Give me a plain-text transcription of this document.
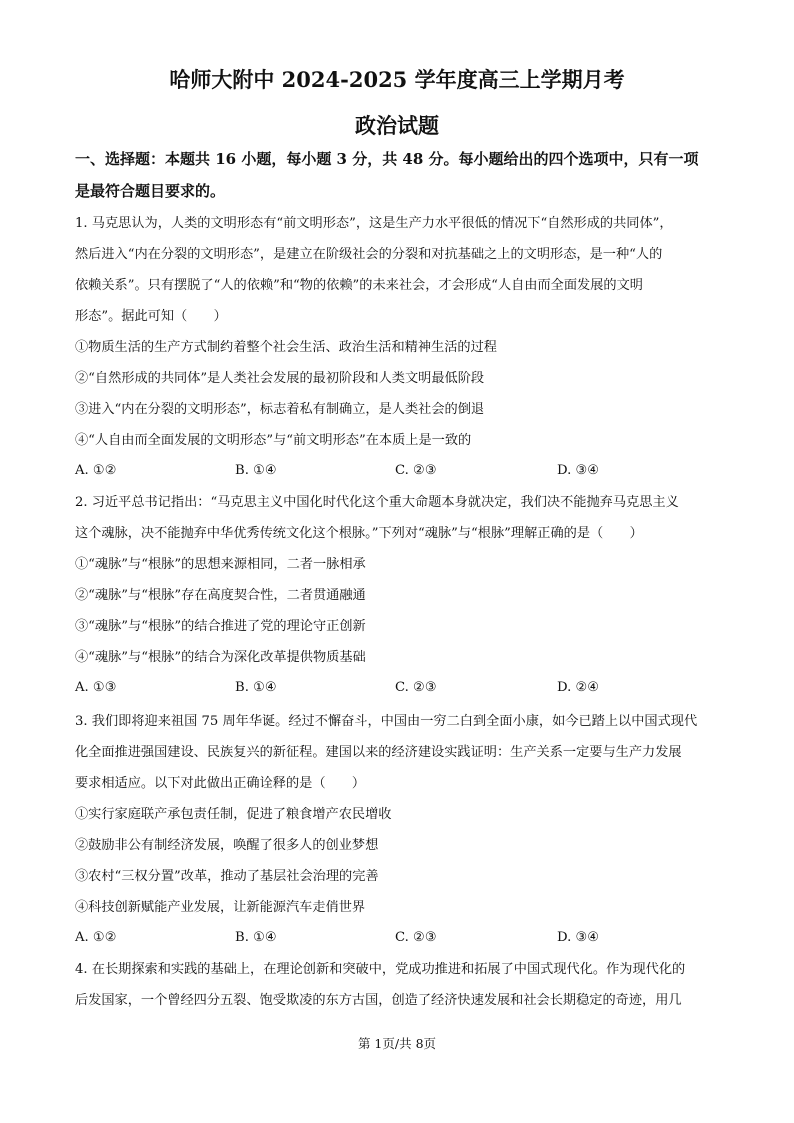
哈师大附中 2024-2025 学年度高三上学期月考
政治试题
一、选择题：本题共 16 小题，每小题 3 分，共 48 分。每小题给出的四个选项中，只有一项
是最符合题目要求的。
1. 马克思认为，人类的文明形态有“前文明形态”，这是生产力水平很低的情况下“自然形成的共同体”，
然后进入“内在分裂的文明形态”，是建立在阶级社会的分裂和对抗基础之上的文明形态，是一种“人的
依赖关系”。只有摆脱了“人的依赖”和“物的依赖”的未来社会，才会形成“人自由而全面发展的文明
形态”。据此可知（　　）
①物质生活的生产方式制约着整个社会生活、政治生活和精神生活的过程
②“自然形成的共同体”是人类社会发展的最初阶段和人类文明最低阶段
③进入“内在分裂的文明形态”，标志着私有制确立，是人类社会的倒退
④“人自由而全面发展的文明形态”与“前文明形态”在本质上是一致的
A. ①②	B. ①④	C. ②③	D. ③④
2. 习近平总书记指出：“马克思主义中国化时代化这个重大命题本身就决定，我们决不能抛弃马克思主义
这个魂脉，决不能抛弃中华优秀传统文化这个根脉。”下列对“魂脉”与“根脉”理解正确的是（　　）
①“魂脉”与“根脉”的思想来源相同，二者一脉相承
②“魂脉”与“根脉”存在高度契合性，二者贯通融通
③“魂脉”与“根脉”的结合推进了党的理论守正创新
④“魂脉”与“根脉”的结合为深化改革提供物质基础
A. ①③	B. ①④	C. ②③	D. ②④
3. 我们即将迎来祖国 75 周年华诞。经过不懈奋斗，中国由一穷二白到全面小康，如今已踏上以中国式现代
化全面推进强国建设、民族复兴的新征程。建国以来的经济建设实践证明：生产关系一定要与生产力发展
要求相适应。以下对此做出正确诠释的是（　　）
①实行家庭联产承包责任制，促进了粮食增产农民增收
②鼓励非公有制经济发展，唤醒了很多人的创业梦想
③农村“三权分置”改革，推动了基层社会治理的完善
④科技创新赋能产业发展，让新能源汽车走俏世界
A. ①②	B. ①④	C. ②③	D. ③④
4. 在长期探索和实践的基础上，在理论创新和突破中，党成功推进和拓展了中国式现代化。作为现代化的
后发国家，一个曾经四分五裂、饱受欺凌的东方古国，创造了经济快速发展和社会长期稳定的奇迹，用几
第 1页/共 8页
